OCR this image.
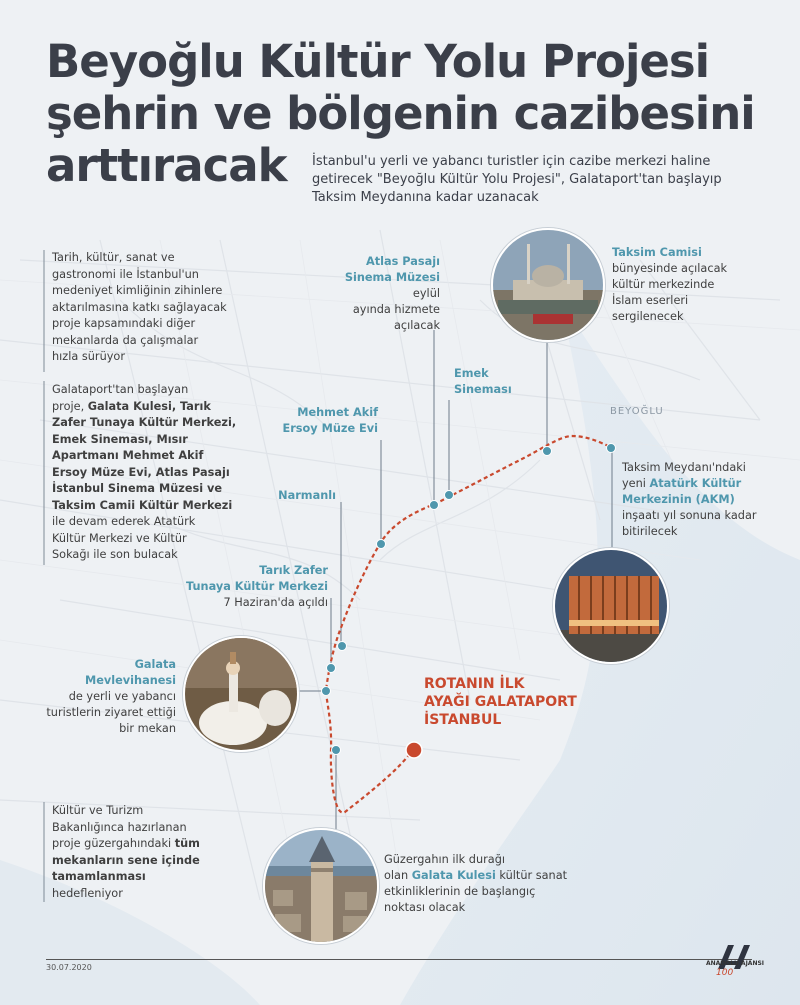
Beyoğlu Kültür Yolu Projesi
şehrin ve bölgenin cazibesini
arttıracak	İstanbul'u yerli ve yabancı turistler için cazibe merkezi haline getirecek "Beyoğlu Kültür Yolu Projesi", Galataport'tan başlayıp Taksim Meydanına kadar uzanacak
BEYOĞLU
Tarih, kültür, sanat ve
gastronomi ile İstanbul'un
medeniyet kimliğinin zihinlere
aktarılmasına katkı sağlayacak
proje kapsamındaki diğer
mekanlarda da çalışmalar
hızla sürüyor
Galataport'tan başlayan
proje, Galata Kulesi, Tarık
Zafer Tunaya Kültür Merkezi,
Emek Sineması, Mısır
Apartmanı Mehmet Akif
Ersoy Müze Evi, Atlas Pasajı
İstanbul Sinema Müzesi ve
Taksim Camii Kültür Merkezi
ile devam ederek Atatürk
Kültür Merkezi ve Kültür
Sokağı ile son bulacak
Kültür ve Turizm
Bakanlığınca hazırlanan
proje güzergahındaki tüm
mekanların sene içinde
tamamlanması
hedefleniyor
Atlas Pasajı
Sinema Müzesi eylül
ayında hizmete
açılacak
Taksim Camisi
bünyesinde açılacak
kültür merkezinde
İslam eserleri
sergilenecek
Emek
Sineması
Mehmet Akif
Ersoy Müze Evi
Narmanlı
Tarık Zafer
Tunaya Kültür Merkezi
7 Haziran'da açıldı
Galata Mevlevihanesi
de yerli ve yabancı
turistlerin ziyaret ettiği
bir mekan
Taksim Meydanı'ndaki
yeni Atatürk Kültür
Merkezinin (AKM)
inşaatı yıl sonuna kadar
bitirilecek
Güzergahın ilk durağı
olan Galata Kulesi kültür sanat
etkinliklerinin de başlangıç
noktası olacak
ROTANIN İLK
AYAĞI GALATAPORT
İSTANBUL
30.07.2020	ANADOLU AJANSI
100
